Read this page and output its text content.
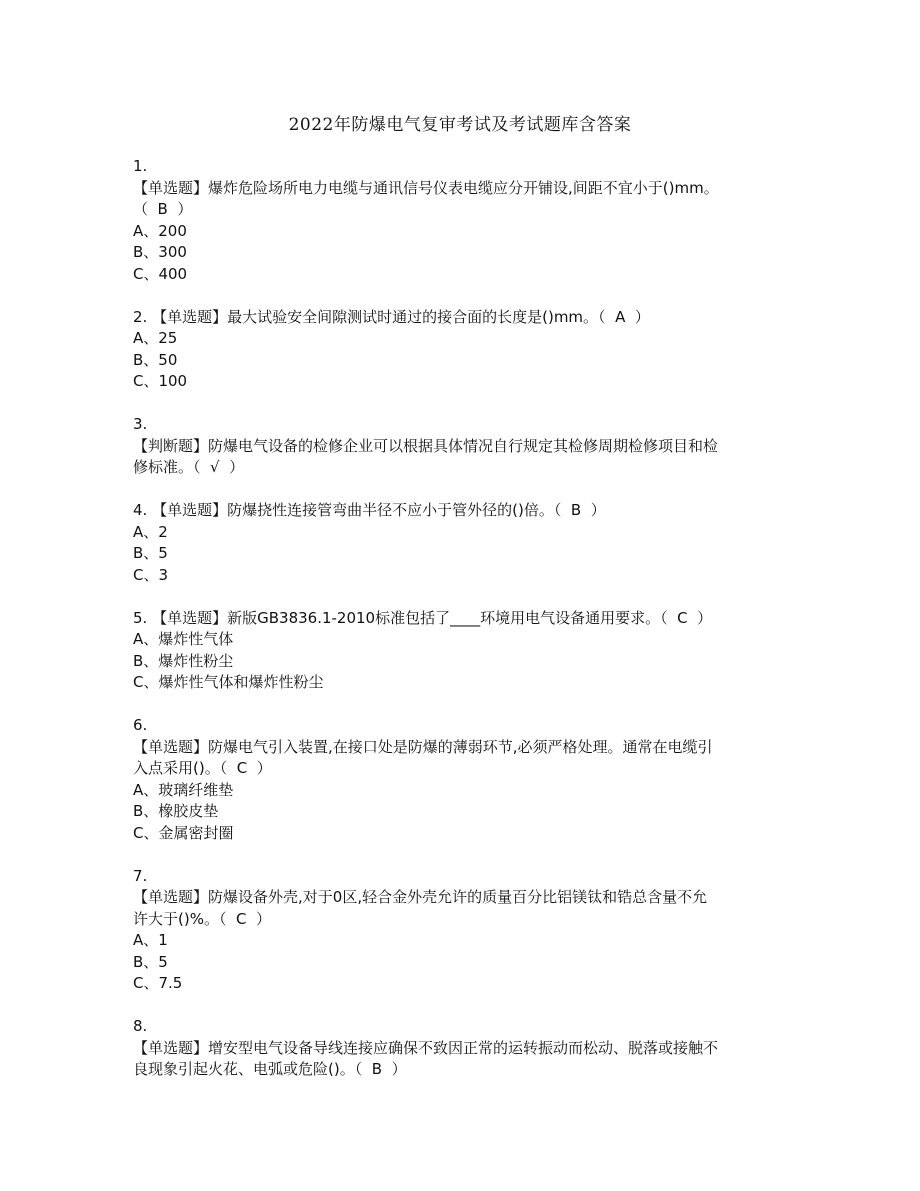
2022年防爆电气复审考试及考试题库含答案
1.
【单选题】爆炸危险场所电力电缆与通讯信号仪表电缆应分开铺设,间距不宜小于()mm。
（  B  ）
A、200
B、300
C、400
2. 【单选题】最大试验安全间隙测试时通过的接合面的长度是()mm。（  A  ）
A、25
B、50
C、100
3.
【判断题】防爆电气设备的检修企业可以根据具体情况自行规定其检修周期检修项目和检
修标准。（  √  ）
4. 【单选题】防爆挠性连接管弯曲半径不应小于管外径的()倍。（  B  ）
A、2
B、5
C、3
5. 【单选题】新版GB3836.1-2010标准包括了____环境用电气设备通用要求。（  C  ）
A、爆炸性气体
B、爆炸性粉尘
C、爆炸性气体和爆炸性粉尘
6.
【单选题】防爆电气引入装置,在接口处是防爆的薄弱环节,必须严格处理。通常在电缆引
入点采用()。（  C  ）
A、玻璃纤维垫
B、橡胶皮垫
C、金属密封圈
7.
【单选题】防爆设备外壳,对于0区,轻合金外壳允许的质量百分比铝镁钛和锆总含量不允
许大于()%。（  C  ）
A、1
B、5
C、7.5
8.
【单选题】增安型电气设备导线连接应确保不致因正常的运转振动而松动、脱落或接触不
良现象引起火花、电弧或危险()。（  B  ）
